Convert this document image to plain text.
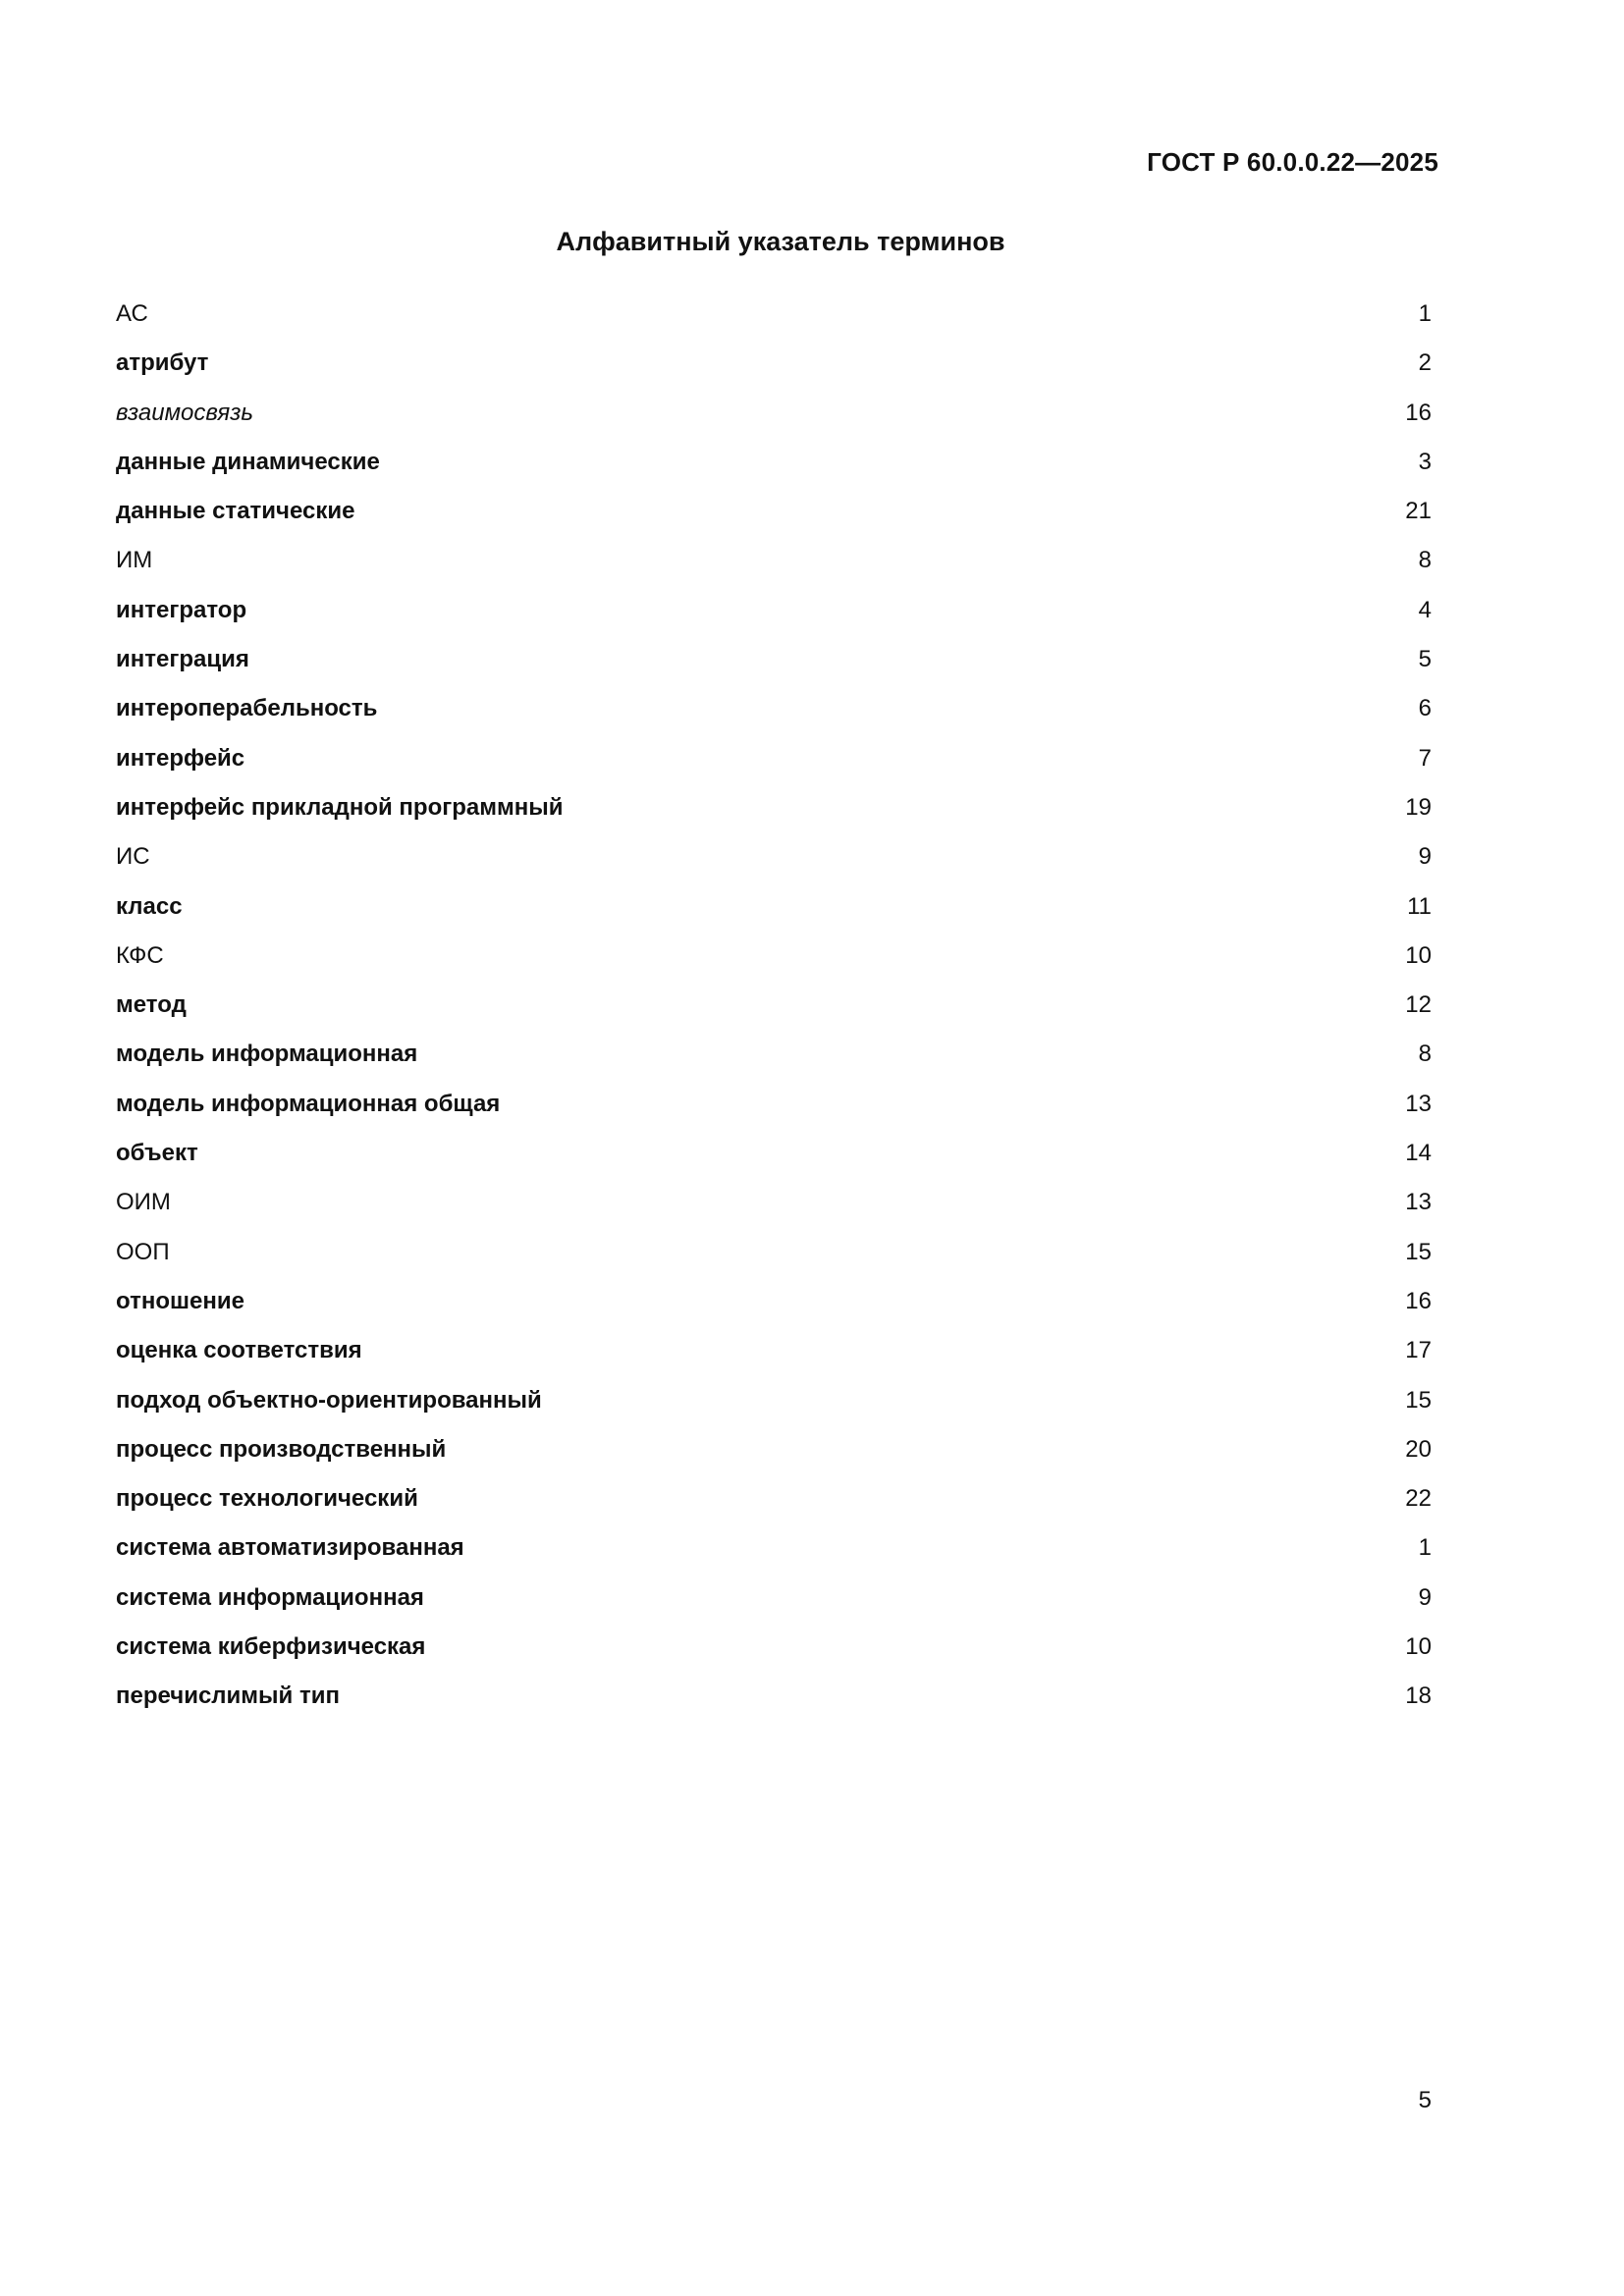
ГОСТ Р 60.0.0.22—2025
Алфавитный указатель терминов
АС	1
атрибут	2
взаимосвязь	16
данные динамические	3
данные статические	21
ИМ	8
интегратор	4
интеграция	5
интероперабельность	6
интерфейс	7
интерфейс прикладной программный	19
ИС	9
класс	11
КФС	10
метод	12
модель информационная	8
модель информационная общая	13
объект	14
ОИМ	13
ООП	15
отношение	16
оценка соответствия	17
подход объектно-ориентированный	15
процесс производственный	20
процесс технологический	22
система автоматизированная	1
система информационная	9
система киберфизическая	10
перечислимый тип	18
5
